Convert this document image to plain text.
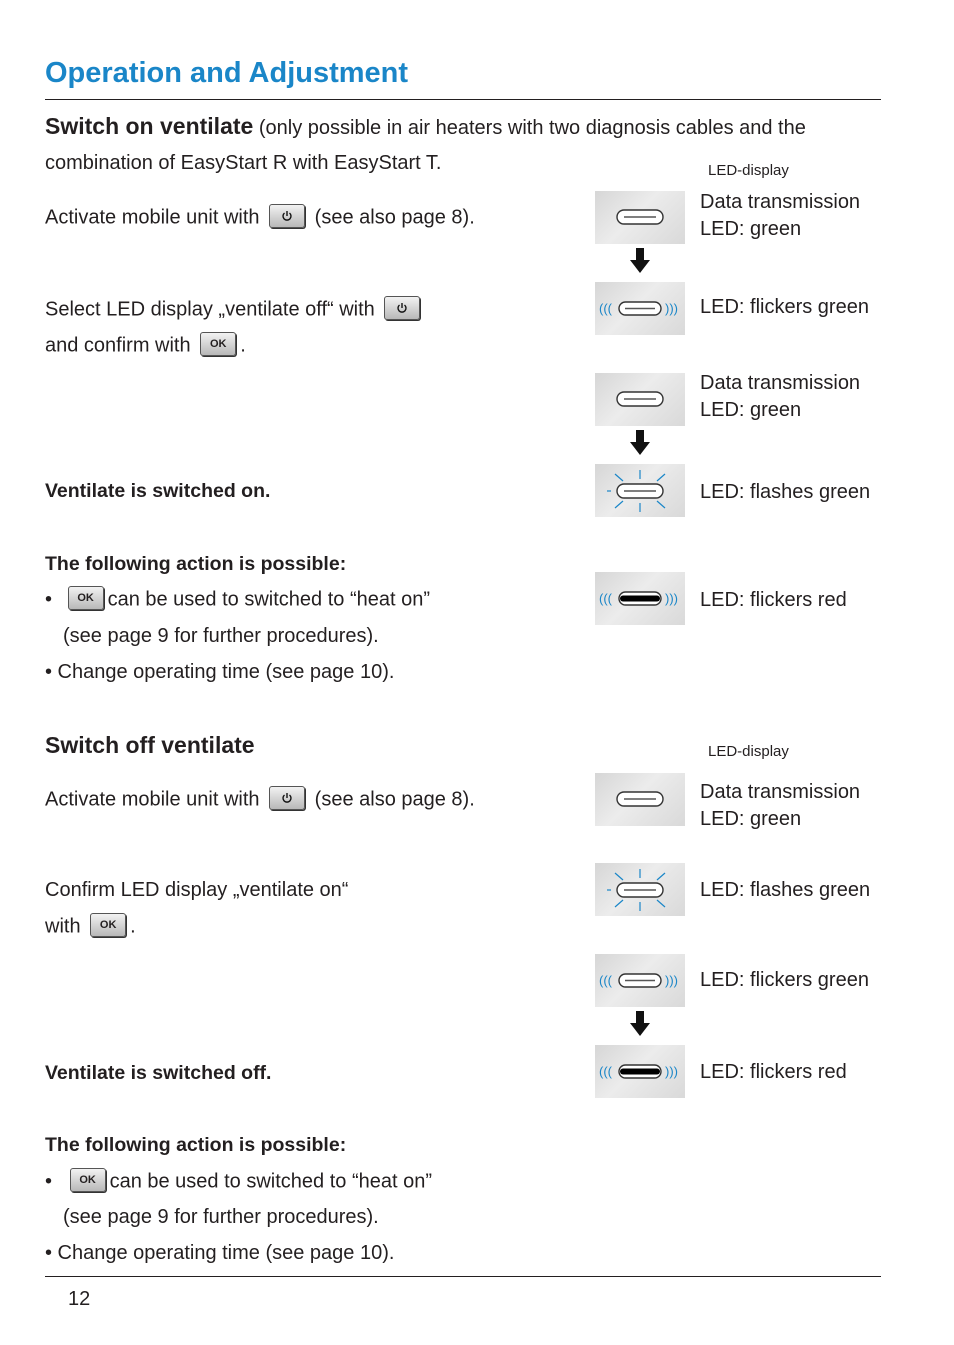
Operation and Adjustment
Switch on ventilate (only possible in air heaters with two diagnosis cables and the
combination of EasyStart R with EasyStart T.	LED-display
Activate mobile unit with	(see also page 8).
Select LED display „ventilate off“ with
and confirm with OK .
Ventilate is switched on.
The following action is possible:
• OK can be used to switched to “heat on”
(see page 9 for further procedures).
• Change operating time (see page 10).
Data transmission
LED: green
(((	))) LED: flickers green
Data transmission
LED: green
LED: flashes green
(((	))) LED: flickers red
Switch off ventilate	LED-display
Activate mobile unit with	(see also page 8).
Confirm LED display „ventilate on“
with OK .
Ventilate is switched off.
The following action is possible:
• OK can be used to switched to “heat on”
(see page 9 for further procedures).
• Change operating time (see page 10).
Data transmission
LED: green
LED: flashes green
(((	))) LED: flickers green
(((	))) LED: flickers red
12
